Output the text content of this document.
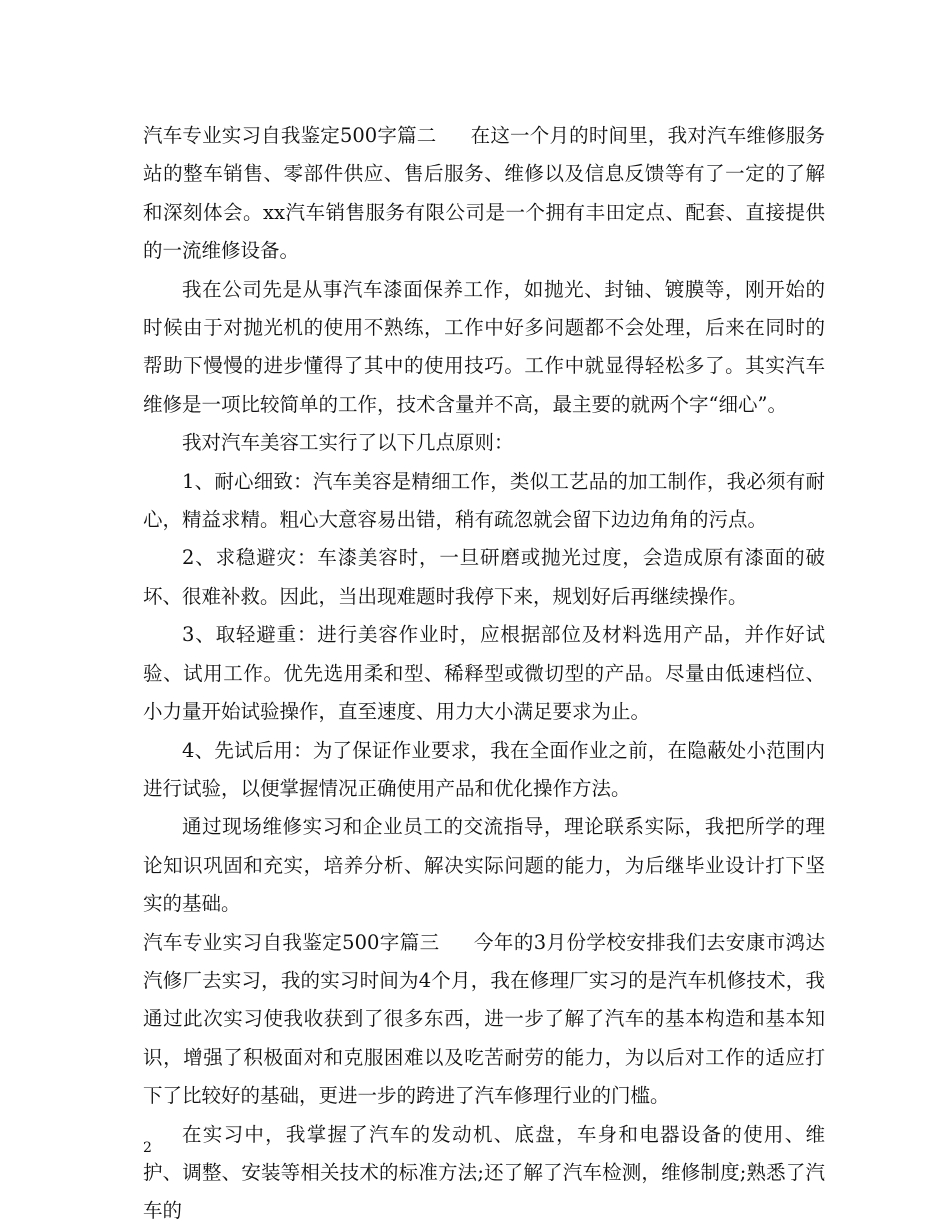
汽车专业实习自我鉴定500字篇二 在这一个月的时间里，我对汽车维修服务站的整车销售、零部件供应、售后服务、维修以及信息反馈等有了一定的了解和深刻体会。xx汽车销售服务有限公司是一个拥有丰田定点、配套、直接提供的一流维修设备。

我在公司先是从事汽车漆面保养工作，如抛光、封铀、镀膜等，刚开始的时候由于对抛光机的使用不熟练，工作中好多问题都不会处理，后来在同时的帮助下慢慢的进步懂得了其中的使用技巧。工作中就显得轻松多了。其实汽车维修是一项比较简单的工作，技术含量并不高，最主要的就两个字“细心”。

我对汽车美容工实行了以下几点原则：

1、耐心细致：汽车美容是精细工作，类似工艺品的加工制作，我必须有耐心，精益求精。粗心大意容易出错，稍有疏忽就会留下边边角角的污点。

2、求稳避灾：车漆美容时，一旦研磨或抛光过度，会造成原有漆面的破坏、很难补救。因此，当出现难题时我停下来，规划好后再继续操作。

3、取轻避重：进行美容作业时，应根据部位及材料选用产品，并作好试验、试用工作。优先选用柔和型、稀释型或微切型的产品。尽量由低速档位、小力量开始试验操作，直至速度、用力大小满足要求为止。

4、先试后用：为了保证作业要求，我在全面作业之前，在隐蔽处小范围内进行试验，以便掌握情况正确使用产品和优化操作方法。

通过现场维修实习和企业员工的交流指导，理论联系实际，我把所学的理论知识巩固和充实，培养分析、解决实际问题的能力，为后继毕业设计打下坚实的基础。

汽车专业实习自我鉴定500字篇三 今年的3月份学校安排我们去安康市鸿达汽修厂去实习，我的实习时间为4个月，我在修理厂实习的是汽车机修技术，我通过此次实习使我收获到了很多东西，进一步了解了汽车的基本构造和基本知识，增强了积极面对和克服困难以及吃苦耐劳的能力，为以后对工作的适应打下了比较好的基础，更进一步的跨进了汽车修理行业的门槛。

在实习中，我掌握了汽车的发动机、底盘，车身和电器设备的使用、维护、调整、安装等相关技术的标准方法;还了解了汽车检测，维修制度;熟悉了汽车的

2
